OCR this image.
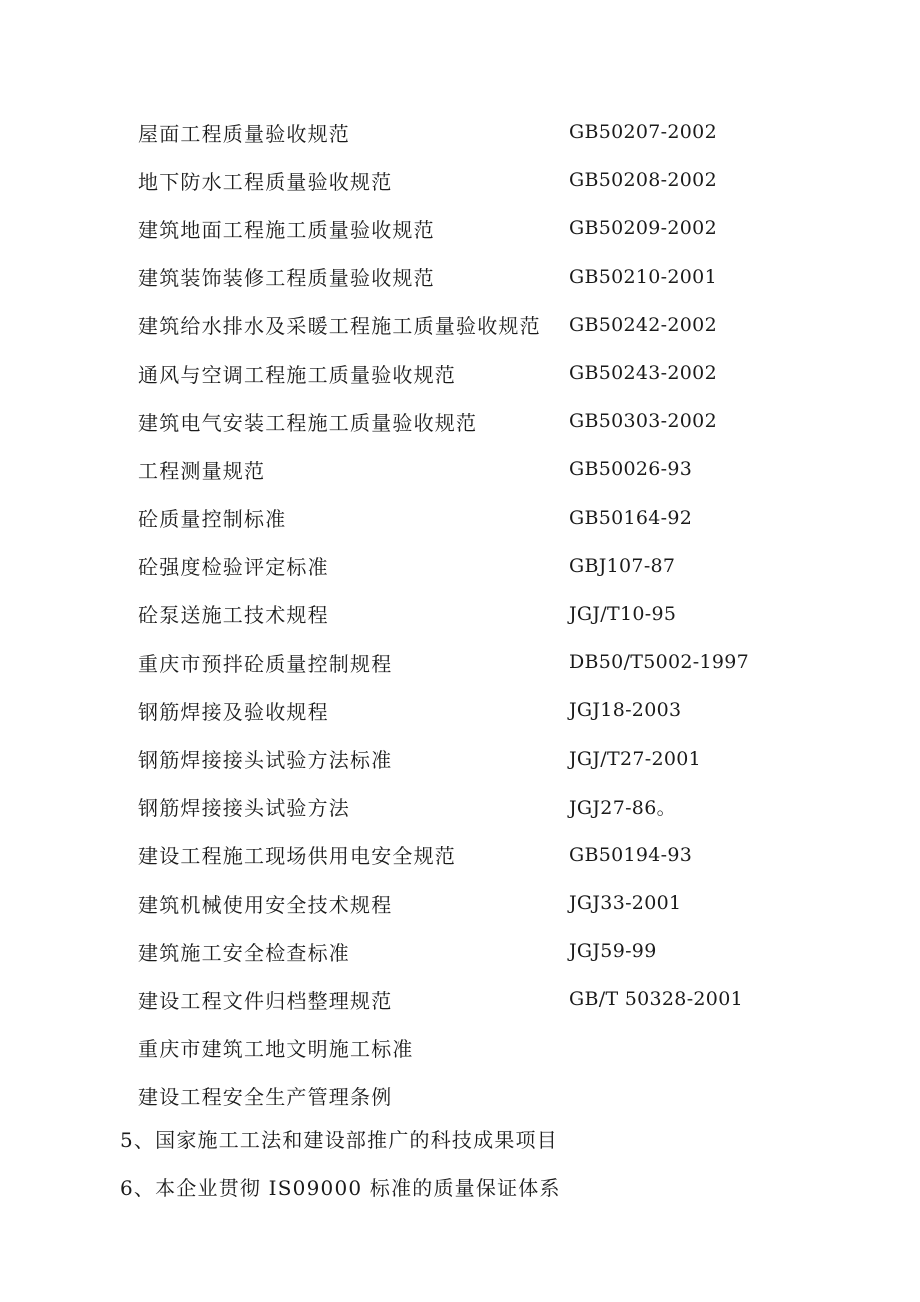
屋面工程质量验收规范	GB50207-2002
地下防水工程质量验收规范	GB50208-2002
建筑地面工程施工质量验收规范	GB50209-2002
建筑装饰装修工程质量验收规范	GB50210-2001
建筑给水排水及采暖工程施工质量验收规范	GB50242-2002
通风与空调工程施工质量验收规范	GB50243-2002
建筑电气安装工程施工质量验收规范	GB50303-2002
工程测量规范	GB50026-93
砼质量控制标准	GB50164-92
砼强度检验评定标准	GBJ107-87
砼泵送施工技术规程	JGJ/T10-95
重庆市预拌砼质量控制规程	DB50/T5002-1997
钢筋焊接及验收规程	JGJ18-2003
钢筋焊接接头试验方法标准	JGJ/T27-2001
钢筋焊接接头试验方法	JGJ27-86。
建设工程施工现场供用电安全规范	GB50194-93
建筑机械使用安全技术规程	JGJ33-2001
建筑施工安全检查标准	JGJ59-99
建设工程文件归档整理规范	GB/T 50328-2001
重庆市建筑工地文明施工标准
建设工程安全生产管理条例
5、国家施工工法和建设部推广的科技成果项目
6、本企业贯彻 IS09000 标准的质量保证体系
